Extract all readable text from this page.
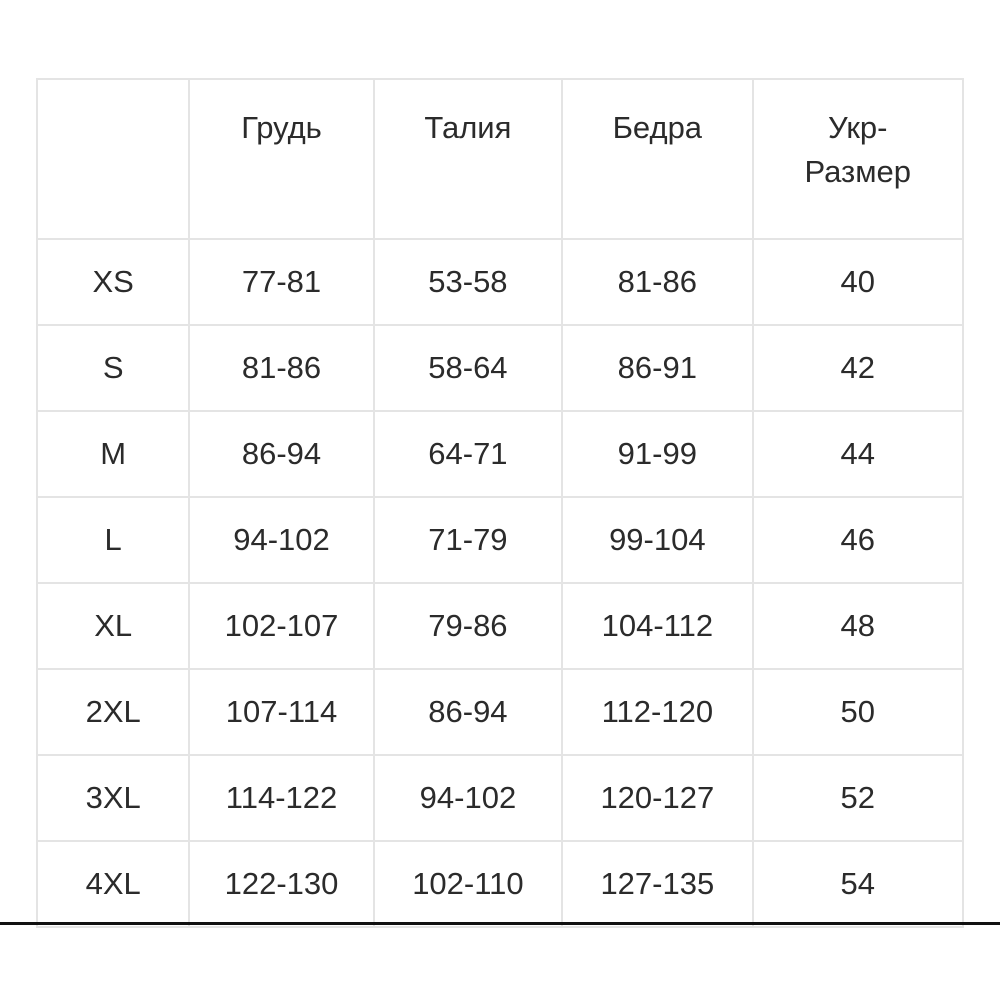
	Грудь	Талия	Бедра	Укр-
Размер

XS	77-81	53-58	81-86	40
S	81-86	58-64	86-91	42
M	86-94	64-71	91-99	44
L	94-102	71-79	99-104	46
XL	102-107	79-86	104-112	48
2XL	107-114	86-94	112-120	50
3XL	114-122	94-102	120-127	52
4XL	122-130	102-110	127-135	54
